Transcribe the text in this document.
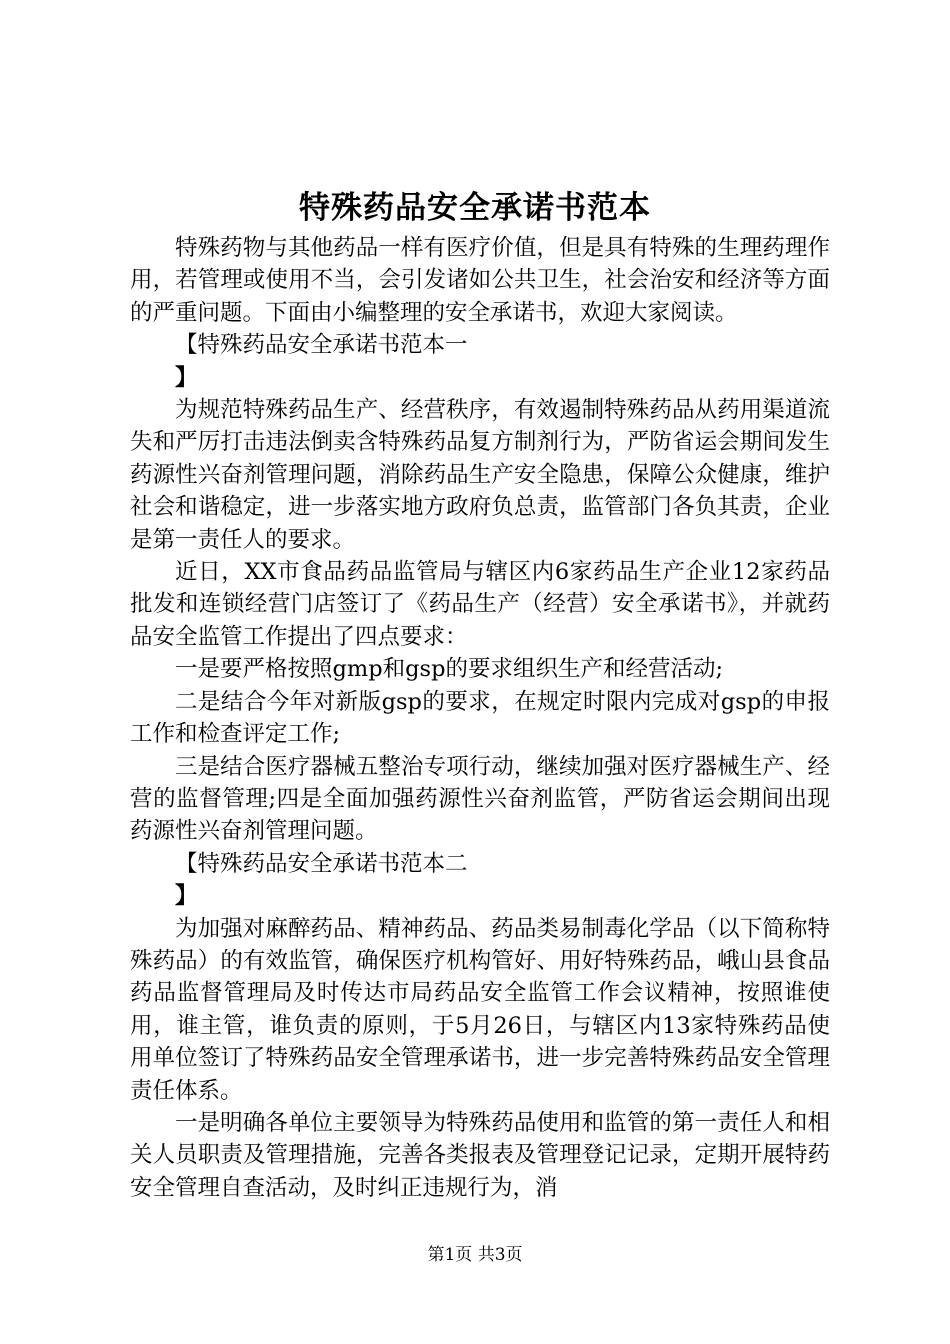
特殊药品安全承诺书范本

特殊药物与其他药品一样有医疗价值，但是具有特殊的生理药理作用，若管理或使用不当，会引发诸如公共卫生，社会治安和经济等方面的严重问题。下面由小编整理的安全承诺书，欢迎大家阅读。

【特殊药品安全承诺书范本一

】

为规范特殊药品生产、经营秩序，有效遏制特殊药品从药用渠道流失和严厉打击违法倒卖含特殊药品复方制剂行为，严防省运会期间发生药源性兴奋剂管理问题，消除药品生产安全隐患，保障公众健康，维护社会和谐稳定，进一步落实地方政府负总责，监管部门各负其责，企业是第一责任人的要求。

近日，XX市食品药品监管局与辖区内6家药品生产企业12家药品批发和连锁经营门店签订了《药品生产（经营）安全承诺书》，并就药品安全监管工作提出了四点要求：

一是要严格按照gmp和gsp的要求组织生产和经营活动;

二是结合今年对新版gsp的要求，在规定时限内完成对gsp的申报工作和检查评定工作;

三是结合医疗器械五整治专项行动，继续加强对医疗器械生产、经营的监督管理;四是全面加强药源性兴奋剂监管，严防省运会期间出现药源性兴奋剂管理问题。

【特殊药品安全承诺书范本二

】

为加强对麻醉药品、精神药品、药品类易制毒化学品（以下简称特殊药品）的有效监管，确保医疗机构管好、用好特殊药品，峨山县食品药品监督管理局及时传达市局药品安全监管工作会议精神，按照谁使用，谁主管，谁负责的原则，于5月26日，与辖区内13家特殊药品使用单位签订了特殊药品安全管理承诺书，进一步完善特殊药品安全管理责任体系。

一是明确各单位主要领导为特殊药品使用和监管的第一责任人和相关人员职责及管理措施，完善各类报表及管理登记记录，定期开展特药安全管理自查活动，及时纠正违规行为，消

第1页 共3页
